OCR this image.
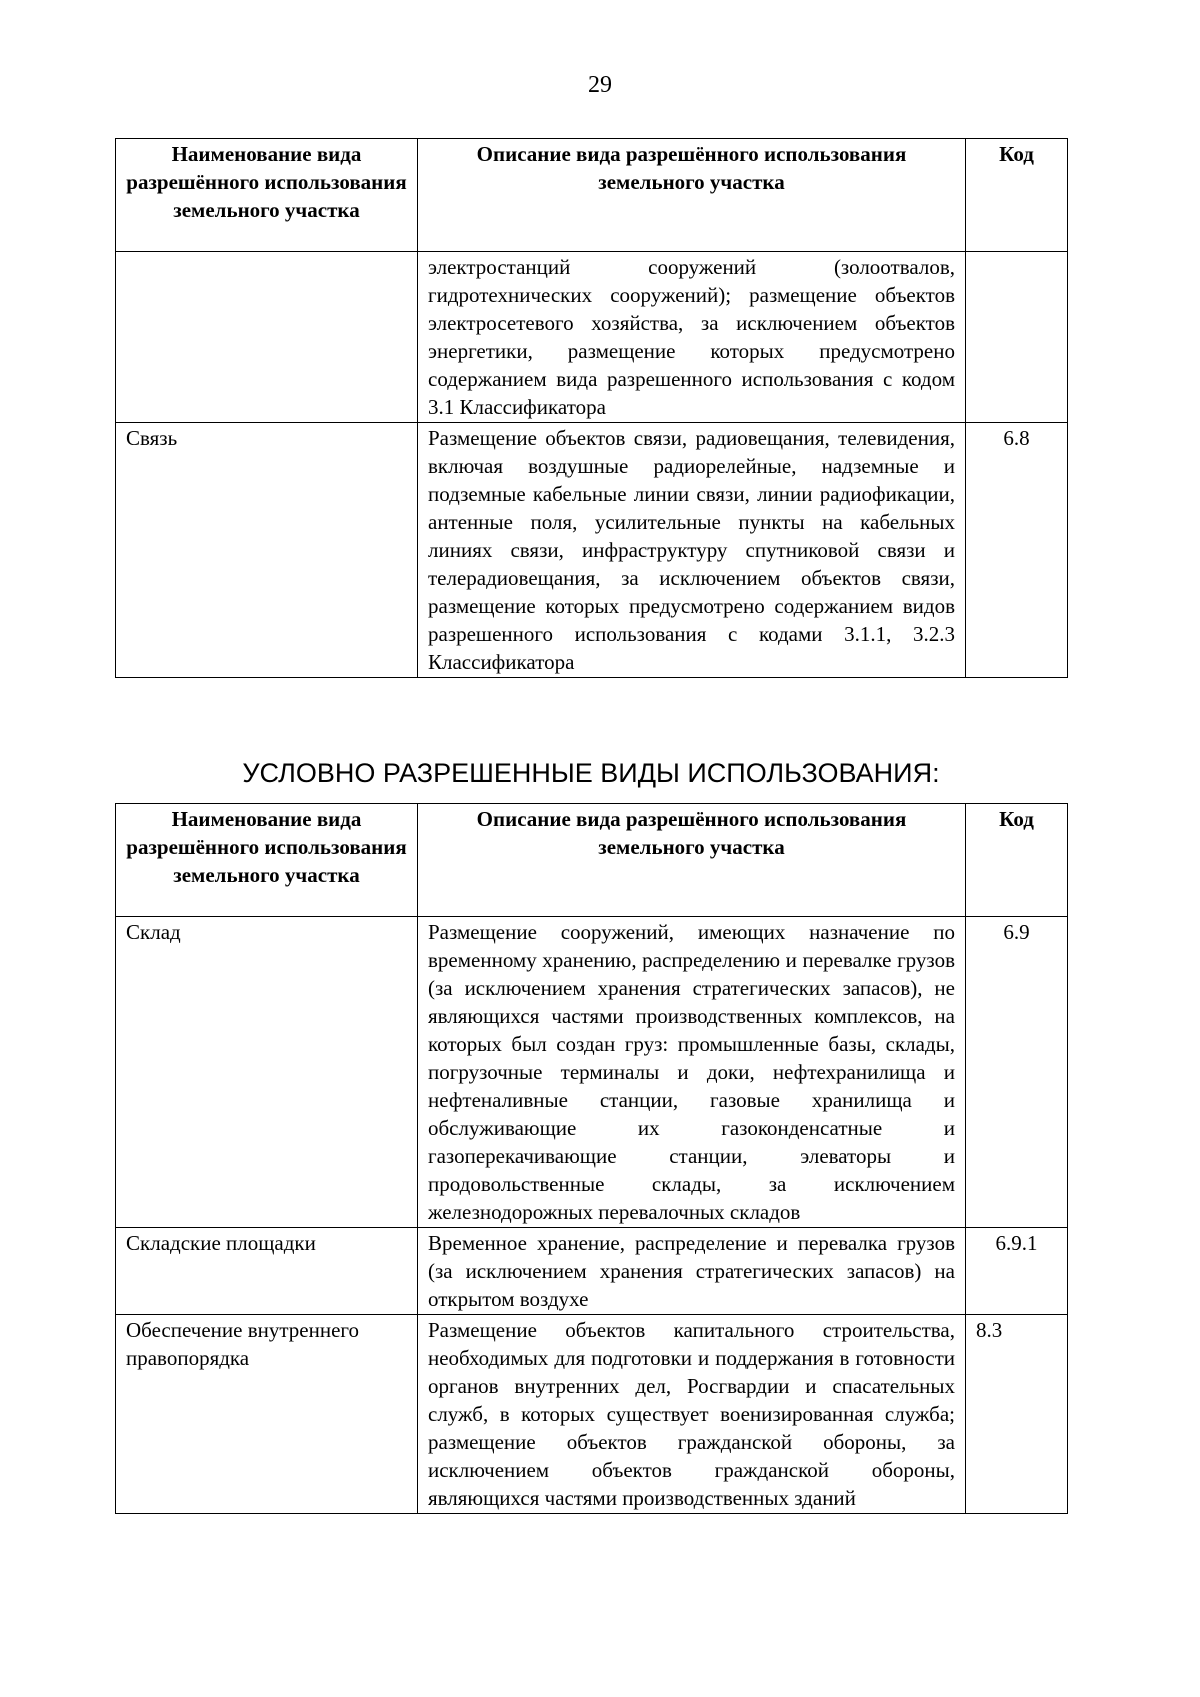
29
Наименование вида разрешённого использования земельного участка	Описание вида разрешённого использования земельного участка	Код
	электростанций сооружений (золоотвалов, гидротехнических сооружений); размещение объектов электросетевого хозяйства, за исключением объектов энергетики, размещение которых предусмотрено содержанием вида разрешенного использования с кодом 3.1 Классификатора	
Связь	Размещение объектов связи, радиовещания, телевидения, включая воздушные радиорелейные, надземные и подземные кабельные линии связи, линии радиофикации, антенные поля, усилительные пункты на кабельных линиях связи, инфраструктуру спутниковой связи и телерадиовещания, за исключением объектов связи, размещение которых предусмотрено содержанием видов разрешенного использования с кодами 3.1.1, 3.2.3 Классификатора	6.8
УСЛОВНО РАЗРЕШЕННЫЕ ВИДЫ ИСПОЛЬЗОВАНИЯ:
Наименование вида разрешённого использования земельного участка	Описание вида разрешённого использования земельного участка	Код
Склад	Размещение сооружений, имеющих назначение по временному хранению, распределению и перевалке грузов (за исключением хранения стратегических запасов), не являющихся частями производственных комплексов, на которых был создан груз: промышленные базы, склады, погрузочные терминалы и доки, нефтехранилища и нефтеналивные станции, газовые хранилища и обслуживающие их газоконденсатные и газоперекачивающие станции, элеваторы и продовольственные склады, за исключением железнодорожных перевалочных складов	6.9
Складские площадки	Временное хранение, распределение и перевалка грузов (за исключением хранения стратегических запасов) на открытом воздухе	6.9.1
Обеспечение внутреннего правопорядка	Размещение объектов капитального строительства, необходимых для подготовки и поддержания в готовности органов внутренних дел, Росгвардии и спасательных служб, в которых существует военизированная служба; размещение объектов гражданской обороны, за исключением объектов гражданской обороны, являющихся частями производственных зданий	8.3
